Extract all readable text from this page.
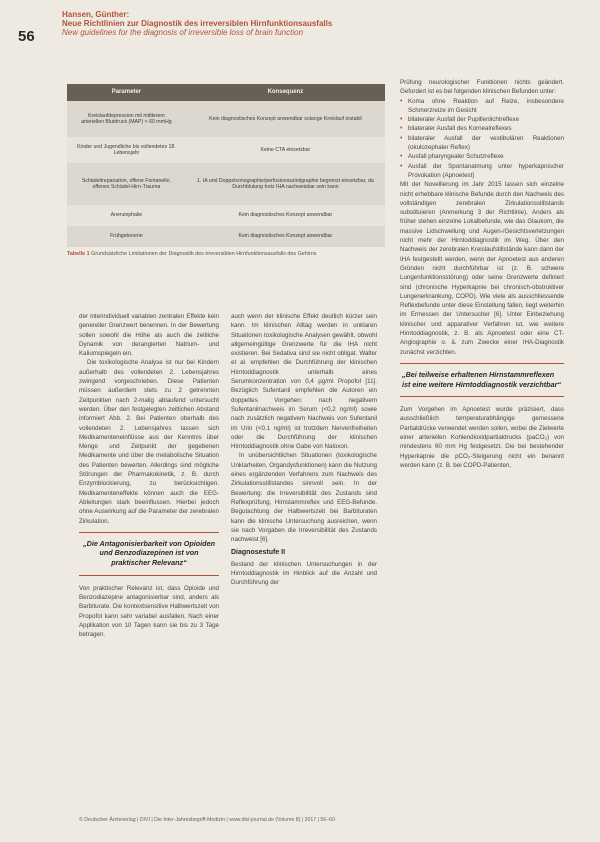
56
Hansen, Günther:
Neue Richtlinien zur Diagnostik des irreversiblen Hirnfunktionsausfalls
New guidelines for the diagnosis of irreversible loss of brain function
Parameter	Konsequenz
Kreislaufdepression mit mittlerem arteriellen Blutdruck (MAP) < 60 mmHg	Kein diagnostisches Konzept anwendbar solange Kreislauf instabil
Kinder und Jugendliche bis vollendetes 18. Lebensjahr	Keine CTA einsetzbar
Schädeltrepanation, offene Fontanelle, offenes Schädel-Hirn-Trauma	1. IA und Doppelsonographie/perfusionsszintigraphie begrenzt einsetzbar, da Durchblutung trotz IHA nachweisbar sein kann
Anenzephalie	Kein diagnostisches Konzept anwendbar
Frühgeborene	Kein diagnostisches Konzept anwendbar
Tabelle 1 Grundsätzliche Limitationen der Diagnostik des irreversiblen Hirnfunktionsausfalls des Gehirns

der interindividuell variablen zentralen Effekte kein genereller Grenzwert benennen. In der Bewertung sollen sowohl die Höhe als auch die zeitliche Dynamik von derangierten Natrium- und Kaliumspiegeln ein.

Die toxikologische Analyse ist nur bei Kindern außerhalb des vollendeten 2. Lebensjahres zwingend vorgeschrieben. Diese Patienten müssen außerdem stets zu 2 getrennten Zeitpunkten nach 2-malig ablaufend untersucht werden. Über den festgelegten zeitlichen Abstand informiert Abb. 2. Bei Patienten oberhalb des vollendeten 2. Lebensjahres lassen sich Medikamenteneinflüsse aus der Kenntnis über Menge und Zeitpunkt der gegebenen Medikamente und über die metabolische Situation des Patienten bewerten. Allerdings sind mögliche Störungen der Pharmakokinetik, z. B. durch Enzymblockierung, zu berücksichtigen. Medikamenteneffekte können auch die EEG-Ableitungen stark beeinflussen. Hierbei jedoch ohne Auswirkung auf die Parameter der zerebralen Zirkulation.

„Die Antagonisierbarkeit von Opioiden und Benzodiazepinen ist von praktischer Relevanz“

Von praktischer Relevanz ist, dass Opioide und Benzodiazepine antagonisierbar sind, anders als Barbiturate. Die kontextsensitive Halbwertszeit von Propofol kann sehr variabel ausfallen. Nach einer Applikation von 10 Tagen kann sie bis zu 3 Tage betragen.

auch wenn der klinische Effekt deutlich kürzer sein kann. Im klinischen Alltag werden in unklaren Situationen toxikologische Analysen gewählt, obwohl allgemeingültige Grenzwerte für die IHA nicht existieren. Bei Sedativa sind sie nicht obligat. Walter et al. empfehlen die Durchführung der klinischen Hirntoddiagnostik unterhalb eines Serumkonzentration von 0,4 µg/ml Propofol [11]. Bezüglich Sufentanil empfehlen die Autoren ein doppeltes Vorgehen: nach negativem Sufentanilnachweis im Serum (<0,2 ng/ml) sowie nach zusätzlich negativem Nachweis von Sufentanil im Urin (<0,1 ng/ml) ist trotzdem Nervenfreiheiten oder die Durchführung der klinischen Hirntoddiagnostik ohne Gabe von Naloxon.

In unübersichtlichen Situationen (toxikologische Unklarheiten, Organdysfunktionen) kann die Nutzung eines ergänzenden Verfahrens zum Nachweis des Zirkulationsstillstandes sinnvoll sein. In der Bewertung: die Irreversibilität des Zustands sind Reflexprüfung, Hirnstammreflex und EEG-Befunde. Begutachtung der Halbwertszeit bei Barbituraten kann die klinische Untersuchung ausreichen, wenn sie nach Vorgaben die Irreversibilität des Zustands nachweist [6].

Diagnosestufe II

Bestand der klinischen Untersuchungen in der Hirntoddiagnostik im Hinblick auf die Anzahl und Durchführung der

Prüfung neurologischer Funktionen nichts geändert. Gefordert ist es bei folgenden klinischen Befunden unter:

• Koma ohne Reaktion auf Reize, insbesondere Schmerzreize im Gesicht
• bilateraler Ausfall der Pupillenlichtreflexe
• bilateraler Ausfall des Kornealreflexes
• bilateraler Ausfall der vestibulären Reaktionen (okulozephaler Reflex)
• Ausfall pharyngealer Schutzreflexe
• Ausfall der Spontanatmung unter hyperkapnischer Provokation (Apnoetest)

Mit der Novellierung im Jahr 2015 lassen sich einzelne nicht erhebbare klinische Befunde durch den Nachweis des vollständigen zerebralen Zirkulationsstillstands substituieren (Anmerkung 3 der Richtlinie). Anders als früher stehen einzelne Lokalbefunde, wie das Glaukom, die massive Lidschwellung und Augen-/Gesichtsverletzungen nicht mehr der Hirntoddiagnostik im Weg. Über den Nachweis der zerebralen Kreislaufstillstände kann dann der IHA festgestellt werden, wenn der Apnoetest aus anderen Gründen nicht durchführbar ist (z. B. schwere Lungenfunktionsstörung) oder seine Grenzwerte definiert sind (chronische Hyperkapnie bei chronisch-obstruktiver Lungenerkrankung, COPD). Wie viele als ausschliessende Reflexbefunde unter diese Einstellung fallen, liegt weiterhin im Ermessen der Untersucher [6]. Unter Einbeziehung klinischer und apparativer Verfahren ist, wie weitere Hirntoddiagnostik, z. B. als Apnoetest oder eine CT-Angiographie o. ä. zum Zwecke einer IHA-Diagnostik zunächst verzichten.

„Bei teilweise erhaltenen Hirnstammreflexen ist eine weitere Hirntoddiagnostik verzichtbar“

Zum Vorgehen im Apnoetest wurde präzisiert, dass ausschließlich temperaturabhängige gemessene Partialdrücke verwendet werden sollen, wobei die Zielwerte einer arteriellen Kohlendioxidpartialdrucks (paCO₂) von mindestens 60 mm Hg festgesetzt. Die bei bestehender Hyperkapnie die pCO₂-Steigerung nicht ein benannt werden kann (z. B. bei COPD-Patienten,

© Deutscher Ärzteverlag | DIVI | Die Inter-Jahresbegriff-Medizin | www.divi-journal.de (Volume 8) | 2017 | 56–60
